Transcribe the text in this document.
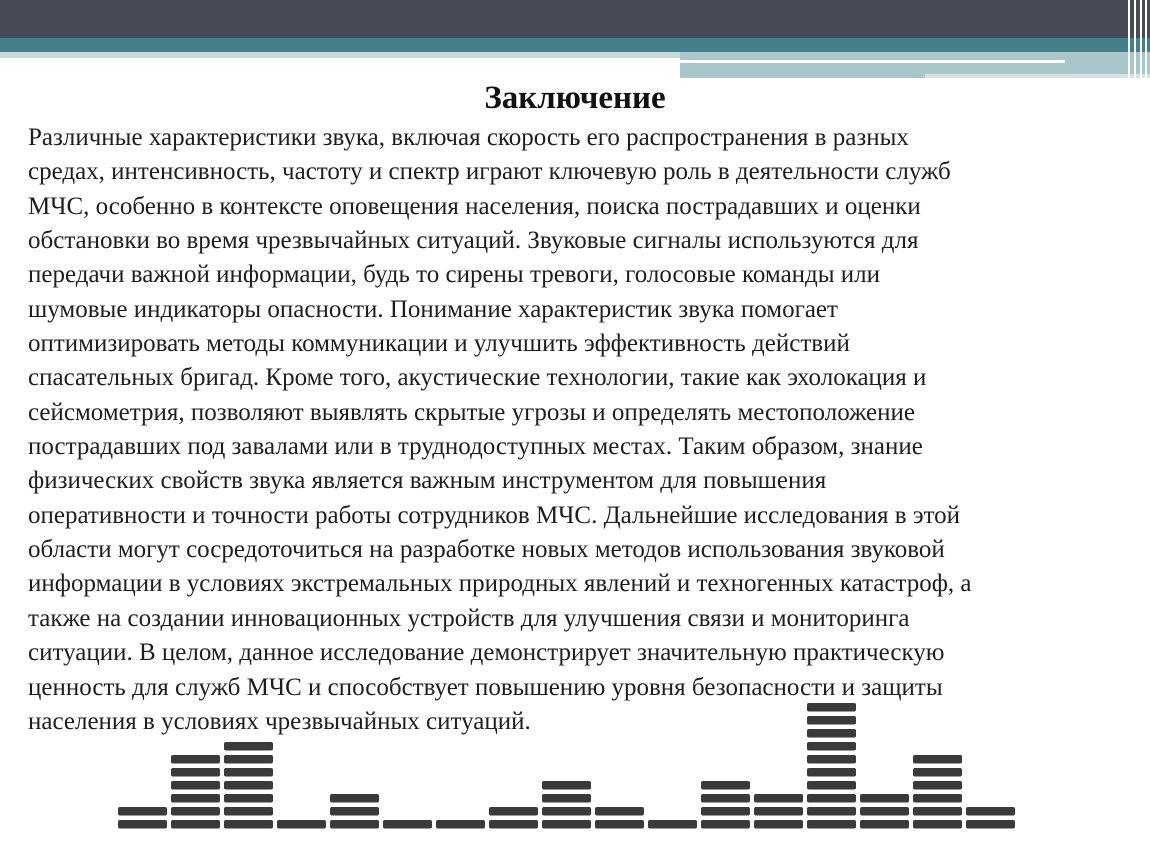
Заключение
Различные характеристики звука, включая скорость его распространения в разных
средах, интенсивность, частоту и спектр играют ключевую роль в деятельности служб
МЧС, особенно в контексте оповещения населения, поиска пострадавших и оценки
обстановки во время чрезвычайных ситуаций. Звуковые сигналы используются для
передачи важной информации, будь то сирены тревоги, голосовые команды или
шумовые индикаторы опасности. Понимание характеристик звука помогает
оптимизировать методы коммуникации и улучшить эффективность действий
спасательных бригад. Кроме того, акустические технологии, такие как эхолокация и
сейсмометрия, позволяют выявлять скрытые угрозы и определять местоположение
пострадавших под завалами или в труднодоступных местах. Таким образом, знание
физических свойств звука является важным инструментом для повышения
оперативности и точности работы сотрудников МЧС. Дальнейшие исследования в этой
области могут сосредоточиться на разработке новых методов использования звуковой
информации в условиях экстремальных природных явлений и техногенных катастроф, а
также на создании инновационных устройств для улучшения связи и мониторинга
ситуации. В целом, данное исследование демонстрирует значительную практическую
ценность для служб МЧС и способствует повышению уровня безопасности и защиты
населения в условиях чрезвычайных ситуаций.
